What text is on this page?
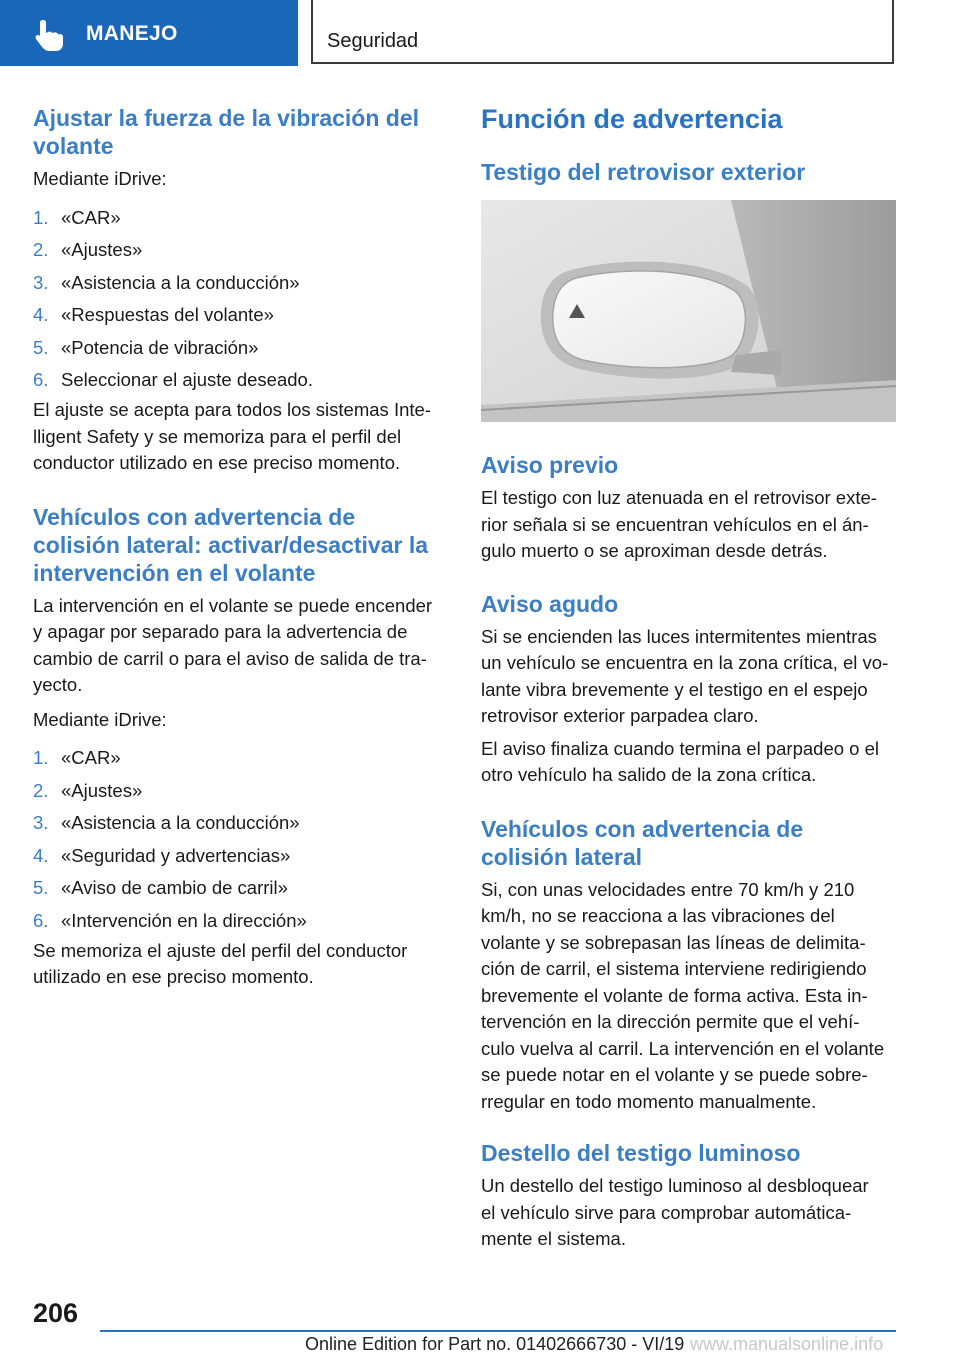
MANEJO	Seguridad
Ajustar la fuerza de la vibración del volante

Mediante iDrive:

1. «CAR»
2. «Ajustes»
3. «Asistencia a la conducción»
4. «Respuestas del volante»
5. «Potencia de vibración»
6. Seleccionar el ajuste deseado.

El ajuste se acepta para todos los sistemas Inte‐lligent Safety y se memoriza para el perfil del conductor utilizado en ese preciso momento.

Vehículos con advertencia de colisión lateral: activar/desactivar la intervención en el volante

La intervención en el volante se puede encender y apagar por separado para la advertencia de cambio de carril o para el aviso de salida de tra‐yecto.

Mediante iDrive:

1. «CAR»
2. «Ajustes»
3. «Asistencia a la conducción»
4. «Seguridad y advertencias»
5. «Aviso de cambio de carril»
6. «Intervención en la dirección»

Se memoriza el ajuste del perfil del conductor utilizado en ese preciso momento.

Función de advertencia
Testigo del retrovisor exterior
Aviso previo

El testigo con luz atenuada en el retrovisor exte‐rior señala si se encuentran vehículos en el án‐gulo muerto o se aproximan desde detrás.

Aviso agudo

Si se encienden las luces intermitentes mientras un vehículo se encuentra en la zona crítica, el vo‐lante vibra brevemente y el testigo en el espejo retrovisor exterior parpadea claro.

El aviso finaliza cuando termina el parpadeo o el otro vehículo ha salido de la zona crítica.

Vehículos con advertencia de colisión lateral

Si, con unas velocidades entre 70 km/h y 210 km/h, no se reacciona a las vibraciones del volante y se sobrepasan las líneas de delimita‐ción de carril, el sistema interviene redirigiendo brevemente el volante de forma activa. Esta in‐tervención en la dirección permite que el vehí‐culo vuelva al carril. La intervención en el volante se puede notar en el volante y se puede sobre‐rregular en todo momento manualmente.

Destello del testigo luminoso

Un destello del testigo luminoso al desbloquear el vehículo sirve para comprobar automática‐mente el sistema.

206
Online Edition for Part no. 01402666730 - VI/19 www.manualsonline.info
